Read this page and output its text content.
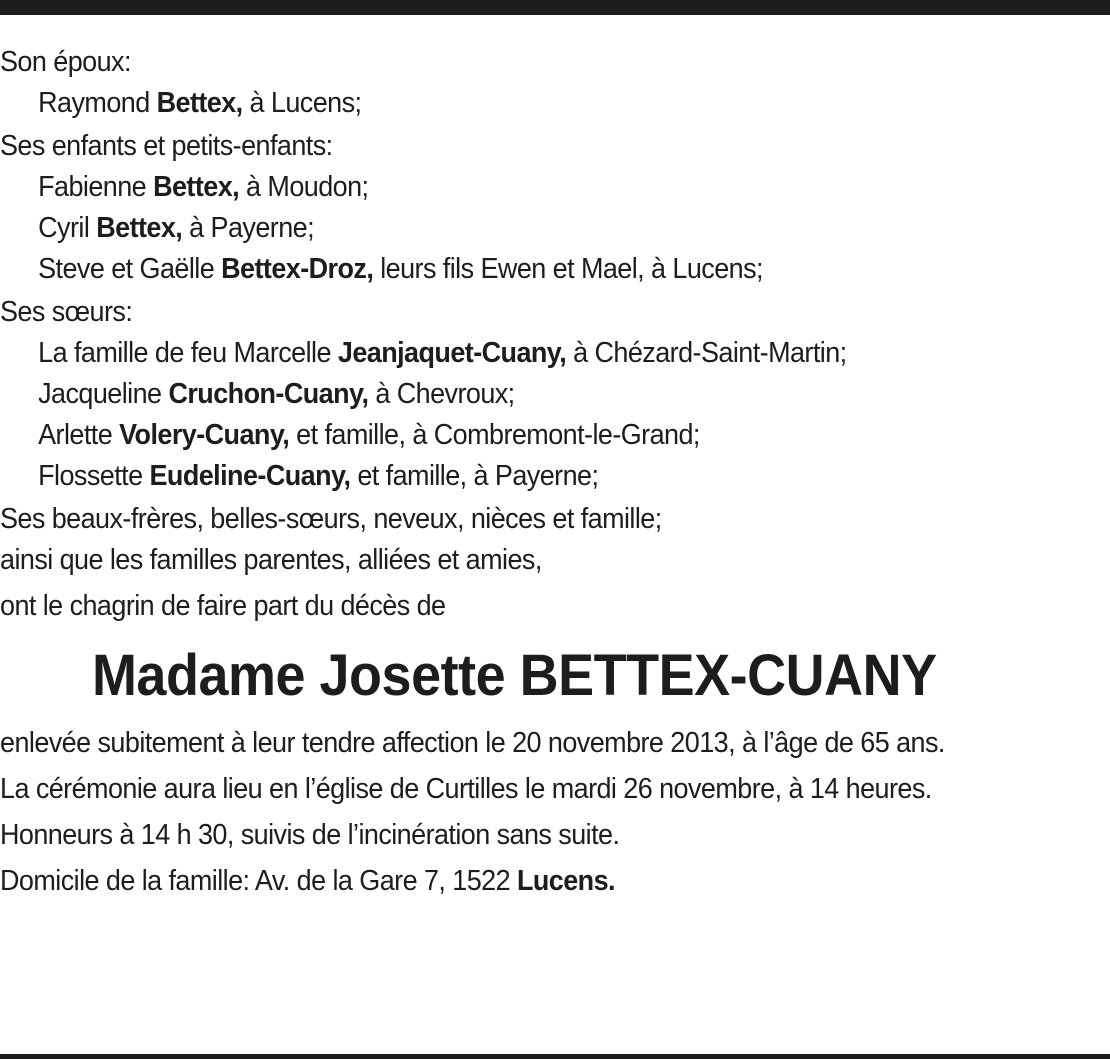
Son époux:
Raymond Bettex, à Lucens;
Ses enfants et petits-enfants:
Fabienne Bettex, à Moudon;
Cyril Bettex, à Payerne;
Steve et Gaëlle Bettex-Droz, leurs fils Ewen et Mael, à Lucens;
Ses sœurs:
La famille de feu Marcelle Jeanjaquet-Cuany, à Chézard-Saint-Martin;
Jacqueline Cruchon-Cuany, à Chevroux;
Arlette Volery-Cuany, et famille, à Combremont-le-Grand;
Flossette Eudeline-Cuany, et famille, à Payerne;
Ses beaux-frères, belles-sœurs, neveux, nièces et famille;
ainsi que les familles parentes, alliées et amies,
ont le chagrin de faire part du décès de
Madame Josette BETTEX-CUANY
enlevée subitement à leur tendre affection le 20 novembre 2013, à l’âge de 65 ans.
La cérémonie aura lieu en l’église de Curtilles le mardi 26 novembre, à 14 heures.
Honneurs à 14 h 30, suivis de l’incinération sans suite.
Domicile de la famille: Av. de la Gare 7, 1522 Lucens.
